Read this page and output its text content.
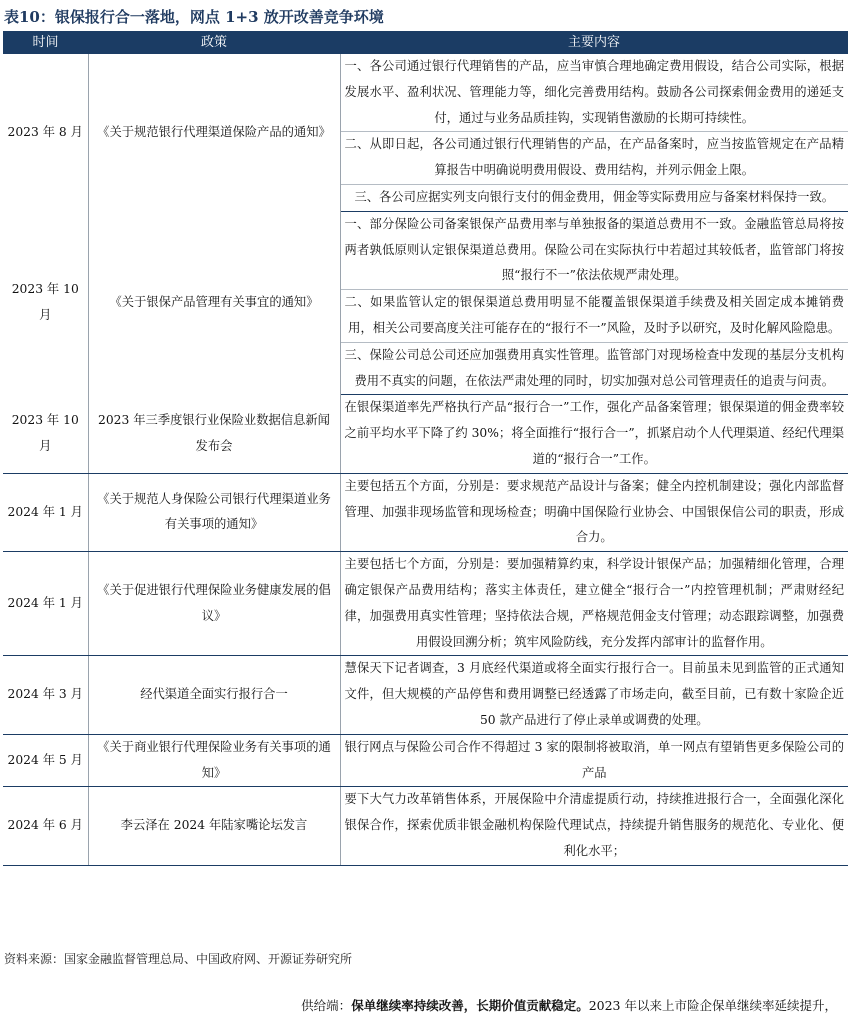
表10：银保报行合一落地，网点 1+3 放开改善竞争环境
时间	政策	主要内容
2023 年 8 月	《关于规范银行代理渠道保险产品的通知》	一、各公司通过银行代理销售的产品，应当审慎合理地确定费用假设，结合公司实际，根据发展水平、盈利状况、管理能力等，细化完善费用结构。鼓励各公司探索佣金费用的递延支付，通过与业务品质挂钩，实现销售激励的长期可持续性。
		二、从即日起，各公司通过银行代理销售的产品，在产品备案时，应当按监管规定在产品精算报告中明确说明费用假设、费用结构，并列示佣金上限。
		三、各公司应据实列支向银行支付的佣金费用，佣金等实际费用应与备案材料保持一致。
2023 年 10 月	《关于银保产品管理有关事宜的通知》	一、部分保险公司备案银保产品费用率与单独报备的渠道总费用不一致。金融监管总局将按两者孰低原则认定银保渠道总费用。保险公司在实际执行中若超过其较低者，监管部门将按照“报行不一”依法依规严肃处理。
		二、如果监管认定的银保渠道总费用明显不能覆盖银保渠道手续费及相关固定成本摊销费用，相关公司要高度关注可能存在的“报行不一”风险，及时予以研究，及时化解风险隐患。
		三、保险公司总公司还应加强费用真实性管理。监管部门对现场检查中发现的基层分支机构费用不真实的问题，在依法严肃处理的同时，切实加强对总公司管理责任的追责与问责。
2023 年 10 月	2023 年三季度银行业保险业数据信息新闻发布会	在银保渠道率先严格执行产品“报行合一”工作，强化产品备案管理；银保渠道的佣金费率较之前平均水平下降了约 30%；将全面推行“报行合一”，抓紧启动个人代理渠道、经纪代理渠道的“报行合一”工作。
2024 年 1 月	《关于规范人身保险公司银行代理渠道业务有关事项的通知》	主要包括五个方面，分别是：要求规范产品设计与备案；健全内控机制建设；强化内部监督管理、加强非现场监管和现场检查；明确中国保险行业协会、中国银保信公司的职责，形成合力。
2024 年 1 月	《关于促进银行代理保险业务健康发展的倡议》	主要包括七个方面，分别是：要加强精算约束，科学设计银保产品；加强精细化管理，合理确定银保产品费用结构；落实主体责任，建立健全“报行合一”内控管理机制；严肃财经纪律，加强费用真实性管理；坚持依法合规，严格规范佣金支付管理；动态跟踪调整，加强费用假设回溯分析；筑牢风险防线，充分发挥内部审计的监督作用。
2024 年 3 月	经代渠道全面实行报行合一	慧保天下记者调查，3 月底经代渠道或将全面实行报行合一。目前虽未见到监管的正式通知文件，但大规模的产品停售和费用调整已经透露了市场走向，截至目前，已有数十家险企近 50 款产品进行了停止录单或调费的处理。
2024 年 5 月	《关于商业银行代理保险业务有关事项的通知》	银行网点与保险公司合作不得超过 3 家的限制将被取消，单一网点有望销售更多保险公司的产品
2024 年 6 月	李云泽在 2024 年陆家嘴论坛发言	要下大气力改革销售体系，开展保险中介清虚提质行动，持续推进报行合一，全面强化深化银保合作，探索优质非银金融机构保险代理试点，持续提升销售服务的规范化、专业化、便利化水平；
资料来源：国家金融监督管理总局、中国政府网、开源证券研究所
供给端：保单继续率持续改善，长期价值贡献稳定。2023 年以来上市险企保单继续率延续提升，
